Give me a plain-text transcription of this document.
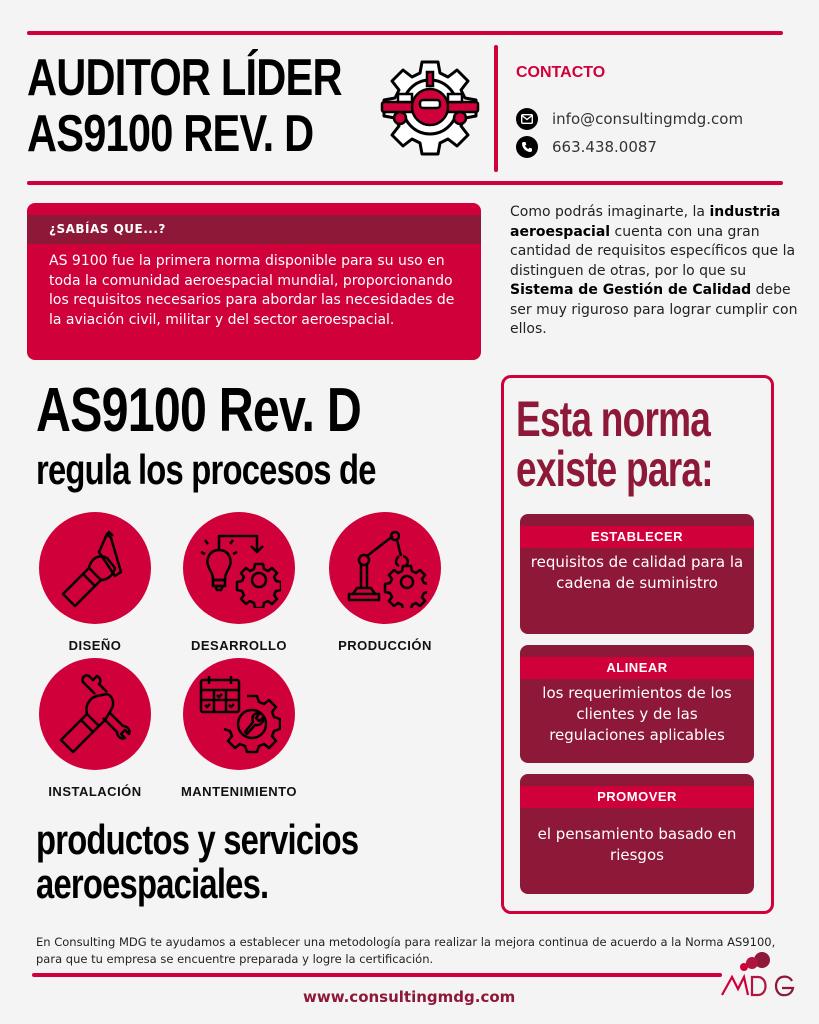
AUDITOR LÍDER
AS9100 REV. D
CONTACTO
info@consultingmdg.com
663.438.0087
¿SABÍAS QUE...?
AS 9100 fue la primera norma disponible para su uso en toda la comunidad aeroespacial mundial, proporcionando los requisitos necesarios para abordar las necesidades de la aviación civil, militar y del sector aeroespacial.
Como podrás imaginarte, la industria aeroespacial cuenta con una gran cantidad de requisitos específicos que la distinguen de otras, por lo que su Sistema de Gestión de Calidad debe ser muy riguroso para lograr cumplir con ellos.
AS9100 Rev. D
regula los procesos de
DISEÑO	DESARROLLO	PRODUCCIÓN
INSTALACIÓN	MANTENIMIENTO
productos y servicios
aeroespaciales.
Esta norma
existe para:
ESTABLECER
requisitos de calidad para la cadena de suministro
ALINEAR
los requerimientos de los clientes y de las regulaciones aplicables
PROMOVER
el pensamiento basado en riesgos
En Consulting MDG te ayudamos a establecer una metodología para realizar la mejora continua de acuerdo a la Norma AS9100, para que tu empresa se encuentre preparada y logre la certificación.
www.consultingmdg.com
